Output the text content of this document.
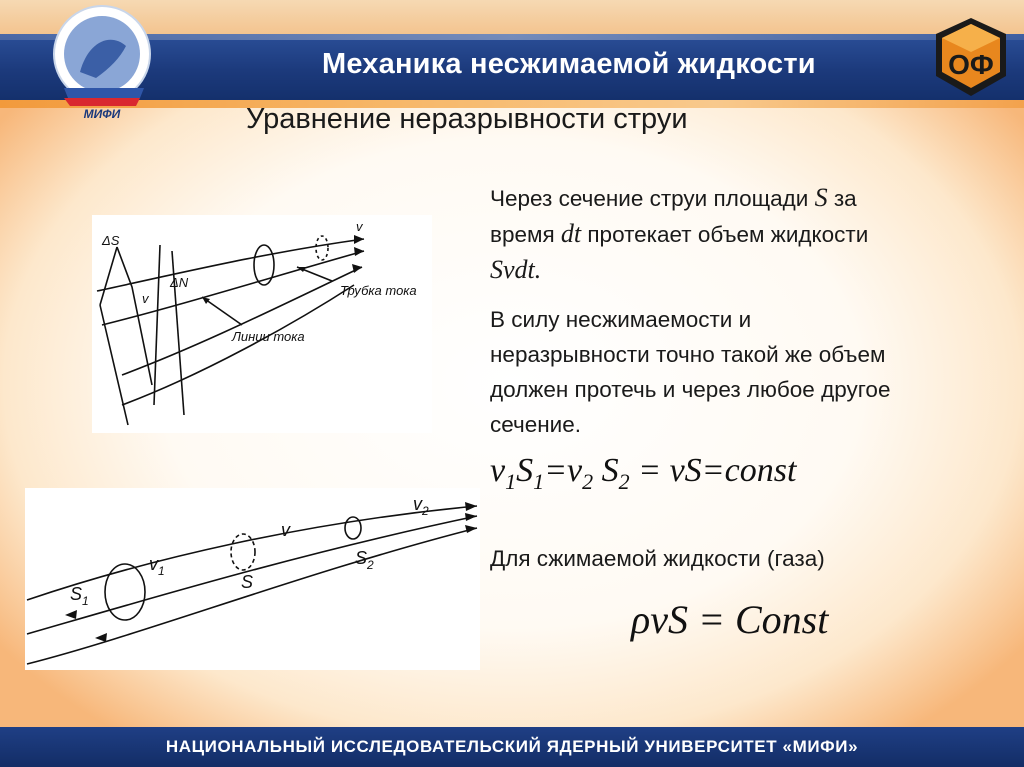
МИФИ
ОФ
Механика несжимаемой жидкости
Уравнение неразрывности струи
Через сечение струи площади S за
время dt протекает объем жидкости
Svdt.
В силу несжимаемости и
неразрывности точно такой же объем
должен протечь и через любое другое
сечение.
$v_1S_1=v_2$ $S_2$ = vS=const
Для сжимаемой жидкости (газа)
ρvS = Const
ΔS
v
ΔN
v
Трубка тока
Линии тока
$S_1$
$v_1$
S
v
$S_2$
$v_2$
НАЦИОНАЛЬНЫЙ ИССЛЕДОВАТЕЛЬСКИЙ ЯДЕРНЫЙ УНИВЕРСИТЕТ «МИФИ»
